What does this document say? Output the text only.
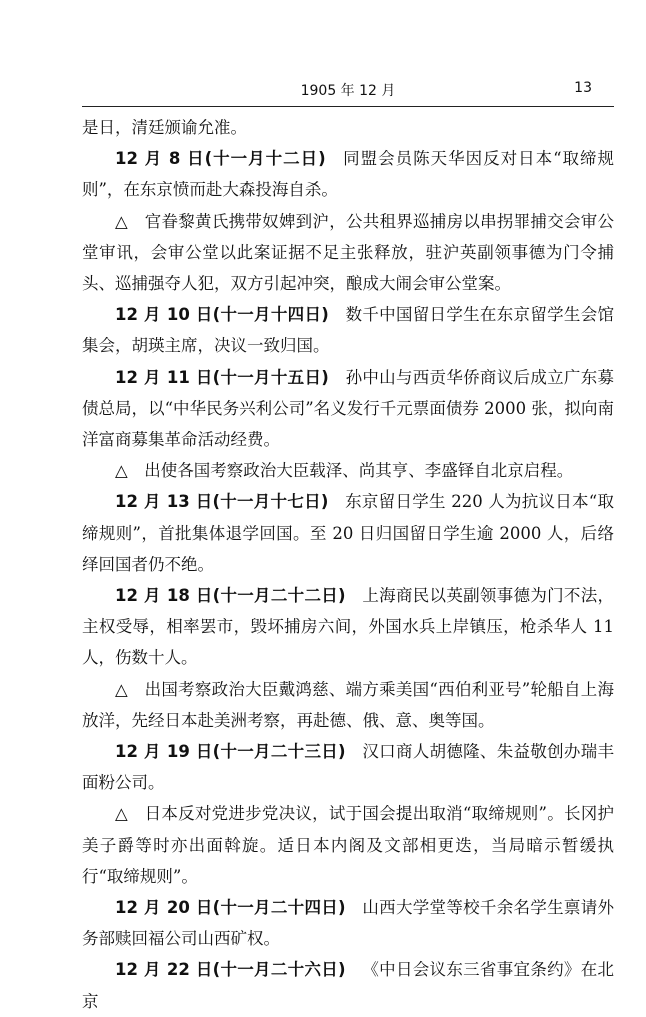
1905 年 12 月	13

是日，清廷颁谕允准。

12 月 8 日(十一月十二日) 同盟会员陈天华因反对日本“取缔规则”，在东京愤而赴大森投海自杀。

△ 官眷黎黄氏携带奴婢到沪，公共租界巡捕房以串拐罪捕交会审公堂审讯，会审公堂以此案证据不足主张释放，驻沪英副领事德为门令捕头、巡捕强夺人犯，双方引起冲突，酿成大闹会审公堂案。

12 月 10 日(十一月十四日) 数千中国留日学生在东京留学生会馆集会，胡瑛主席，决议一致归国。

12 月 11 日(十一月十五日) 孙中山与西贡华侨商议后成立广东募债总局，以“中华民务兴利公司”名义发行千元票面债券 2000 张，拟向南洋富商募集革命活动经费。

△ 出使各国考察政治大臣载泽、尚其亨、李盛铎自北京启程。

12 月 13 日(十一月十七日) 东京留日学生 220 人为抗议日本“取缔规则”，首批集体退学回国。至 20 日归国留日学生逾 2000 人，后络绎回国者仍不绝。

12 月 18 日(十一月二十二日) 上海商民以英副领事德为门不法，主权受辱，相率罢市，毁坏捕房六间，外国水兵上岸镇压，枪杀华人 11 人，伤数十人。

△ 出国考察政治大臣戴鸿慈、端方乘美国“西伯利亚号”轮船自上海放洋，先经日本赴美洲考察，再赴德、俄、意、奥等国。

12 月 19 日(十一月二十三日) 汉口商人胡德隆、朱益敬创办瑞丰面粉公司。

△ 日本反对党进步党决议，试于国会提出取消“取缔规则”。长冈护美子爵等时亦出面斡旋。适日本内阁及文部相更迭，当局暗示暂缓执行“取缔规则”。

12 月 20 日(十一月二十四日) 山西大学堂等校千余名学生禀请外务部赎回福公司山西矿权。

12 月 22 日(十一月二十六日) 《中日会议东三省事宜条约》在北京
